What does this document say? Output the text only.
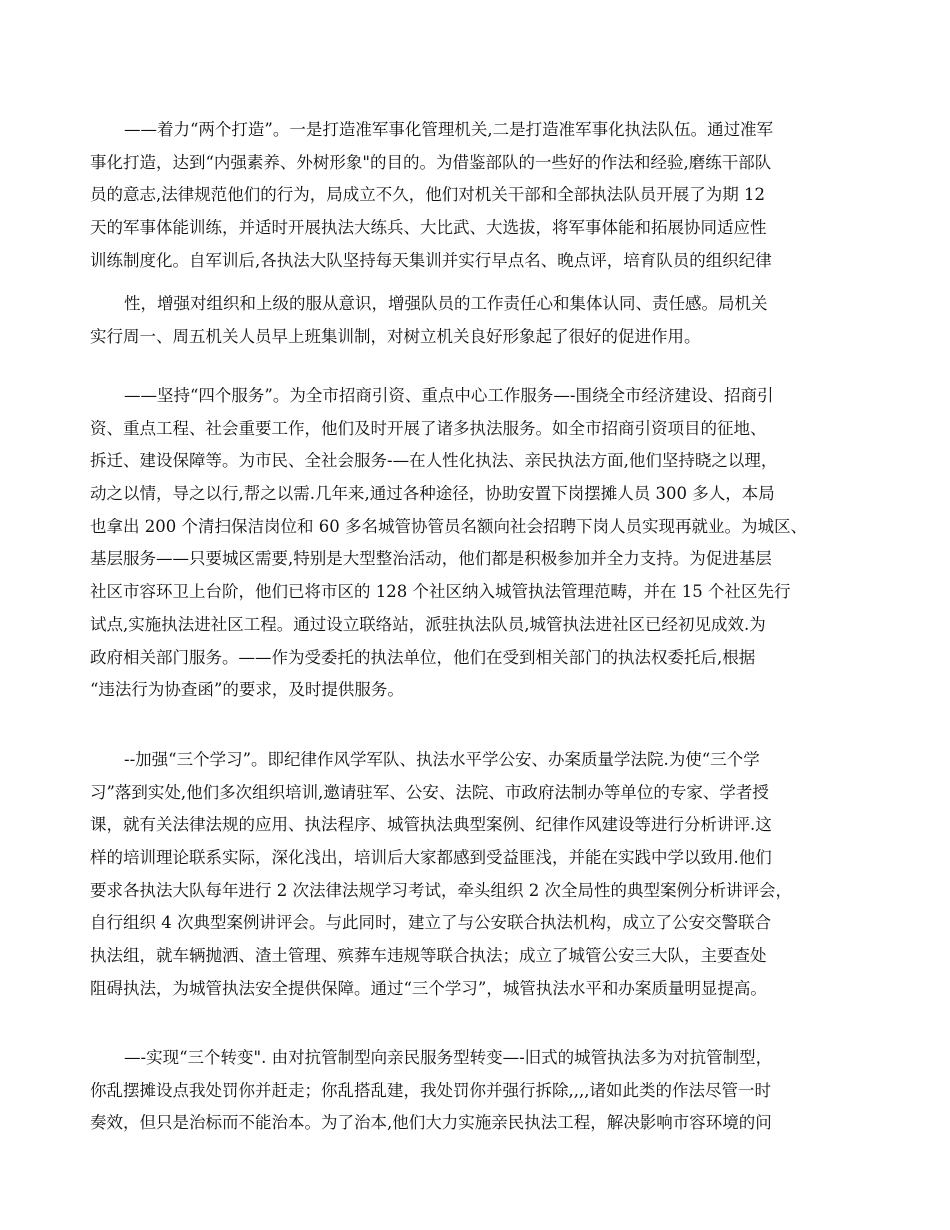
——着力“两个打造”。一是打造准军事化管理机关,二是打造准军事化执法队伍。通过准军
事化打造，达到“内强素养、外树形象"的目的。为借鉴部队的一些好的作法和经验,磨练干部队
员的意志,法律规范他们的行为，局成立不久，他们对机关干部和全部执法队员开展了为期 12
天的军事体能训练，并适时开展执法大练兵、大比武、大选拔，将军事体能和拓展协同适应性
训练制度化。自军训后,各执法大队坚持每天集训并实行早点名、晚点评，培育队员的组织纪律
性，增强对组织和上级的服从意识，增强队员的工作责任心和集体认同、责任感。局机关
实行周一、周五机关人员早上班集训制，对树立机关良好形象起了很好的促进作用。
——坚持“四个服务”。为全市招商引资、重点中心工作服务—-围绕全市经济建设、招商引
资、重点工程、社会重要工作，他们及时开展了诸多执法服务。如全市招商引资项目的征地、
拆迁、建设保障等。为市民、全社会服务-—在人性化执法、亲民执法方面,他们坚持晓之以理，
动之以情，导之以行,帮之以需.几年来,通过各种途径，协助安置下岗摆摊人员 300 多人，本局
也拿出 200 个清扫保洁岗位和 60 多名城管协管员名额向社会招聘下岗人员实现再就业。为城区、
基层服务——只要城区需要,特别是大型整治活动，他们都是积极参加并全力支持。为促进基层
社区市容环卫上台阶，他们已将市区的 128 个社区纳入城管执法管理范畴，并在 15 个社区先行
试点,实施执法进社区工程。通过设立联络站，派驻执法队员,城管执法进社区已经初见成效.为
政府相关部门服务。——作为受委托的执法单位，他们在受到相关部门的执法权委托后,根据
“违法行为协查函”的要求，及时提供服务。
--加强“三个学习”。即纪律作风学军队、执法水平学公安、办案质量学法院.为使“三个学
习”落到实处,他们多次组织培训,邀请驻军、公安、法院、市政府法制办等单位的专家、学者授
课，就有关法律法规的应用、执法程序、城管执法典型案例、纪律作风建设等进行分析讲评.这
样的培训理论联系实际，深化浅出，培训后大家都感到受益匪浅，并能在实践中学以致用.他们
要求各执法大队每年进行 2 次法律法规学习考试，牵头组织 2 次全局性的典型案例分析讲评会，
自行组织 4 次典型案例讲评会。与此同时，建立了与公安联合执法机构，成立了公安交警联合
执法组，就车辆抛洒、渣土管理、殡葬车违规等联合执法；成立了城管公安三大队，主要查处
阻碍执法，为城管执法安全提供保障。通过“三个学习”，城管执法水平和办案质量明显提高。
—-实现“三个转变". 由对抗管制型向亲民服务型转变—-旧式的城管执法多为对抗管制型，
你乱摆摊设点我处罚你并赶走；你乱搭乱建，我处罚你并强行拆除,,,,诸如此类的作法尽管一时
奏效，但只是治标而不能治本。为了治本,他们大力实施亲民执法工程，解决影响市容环境的问
